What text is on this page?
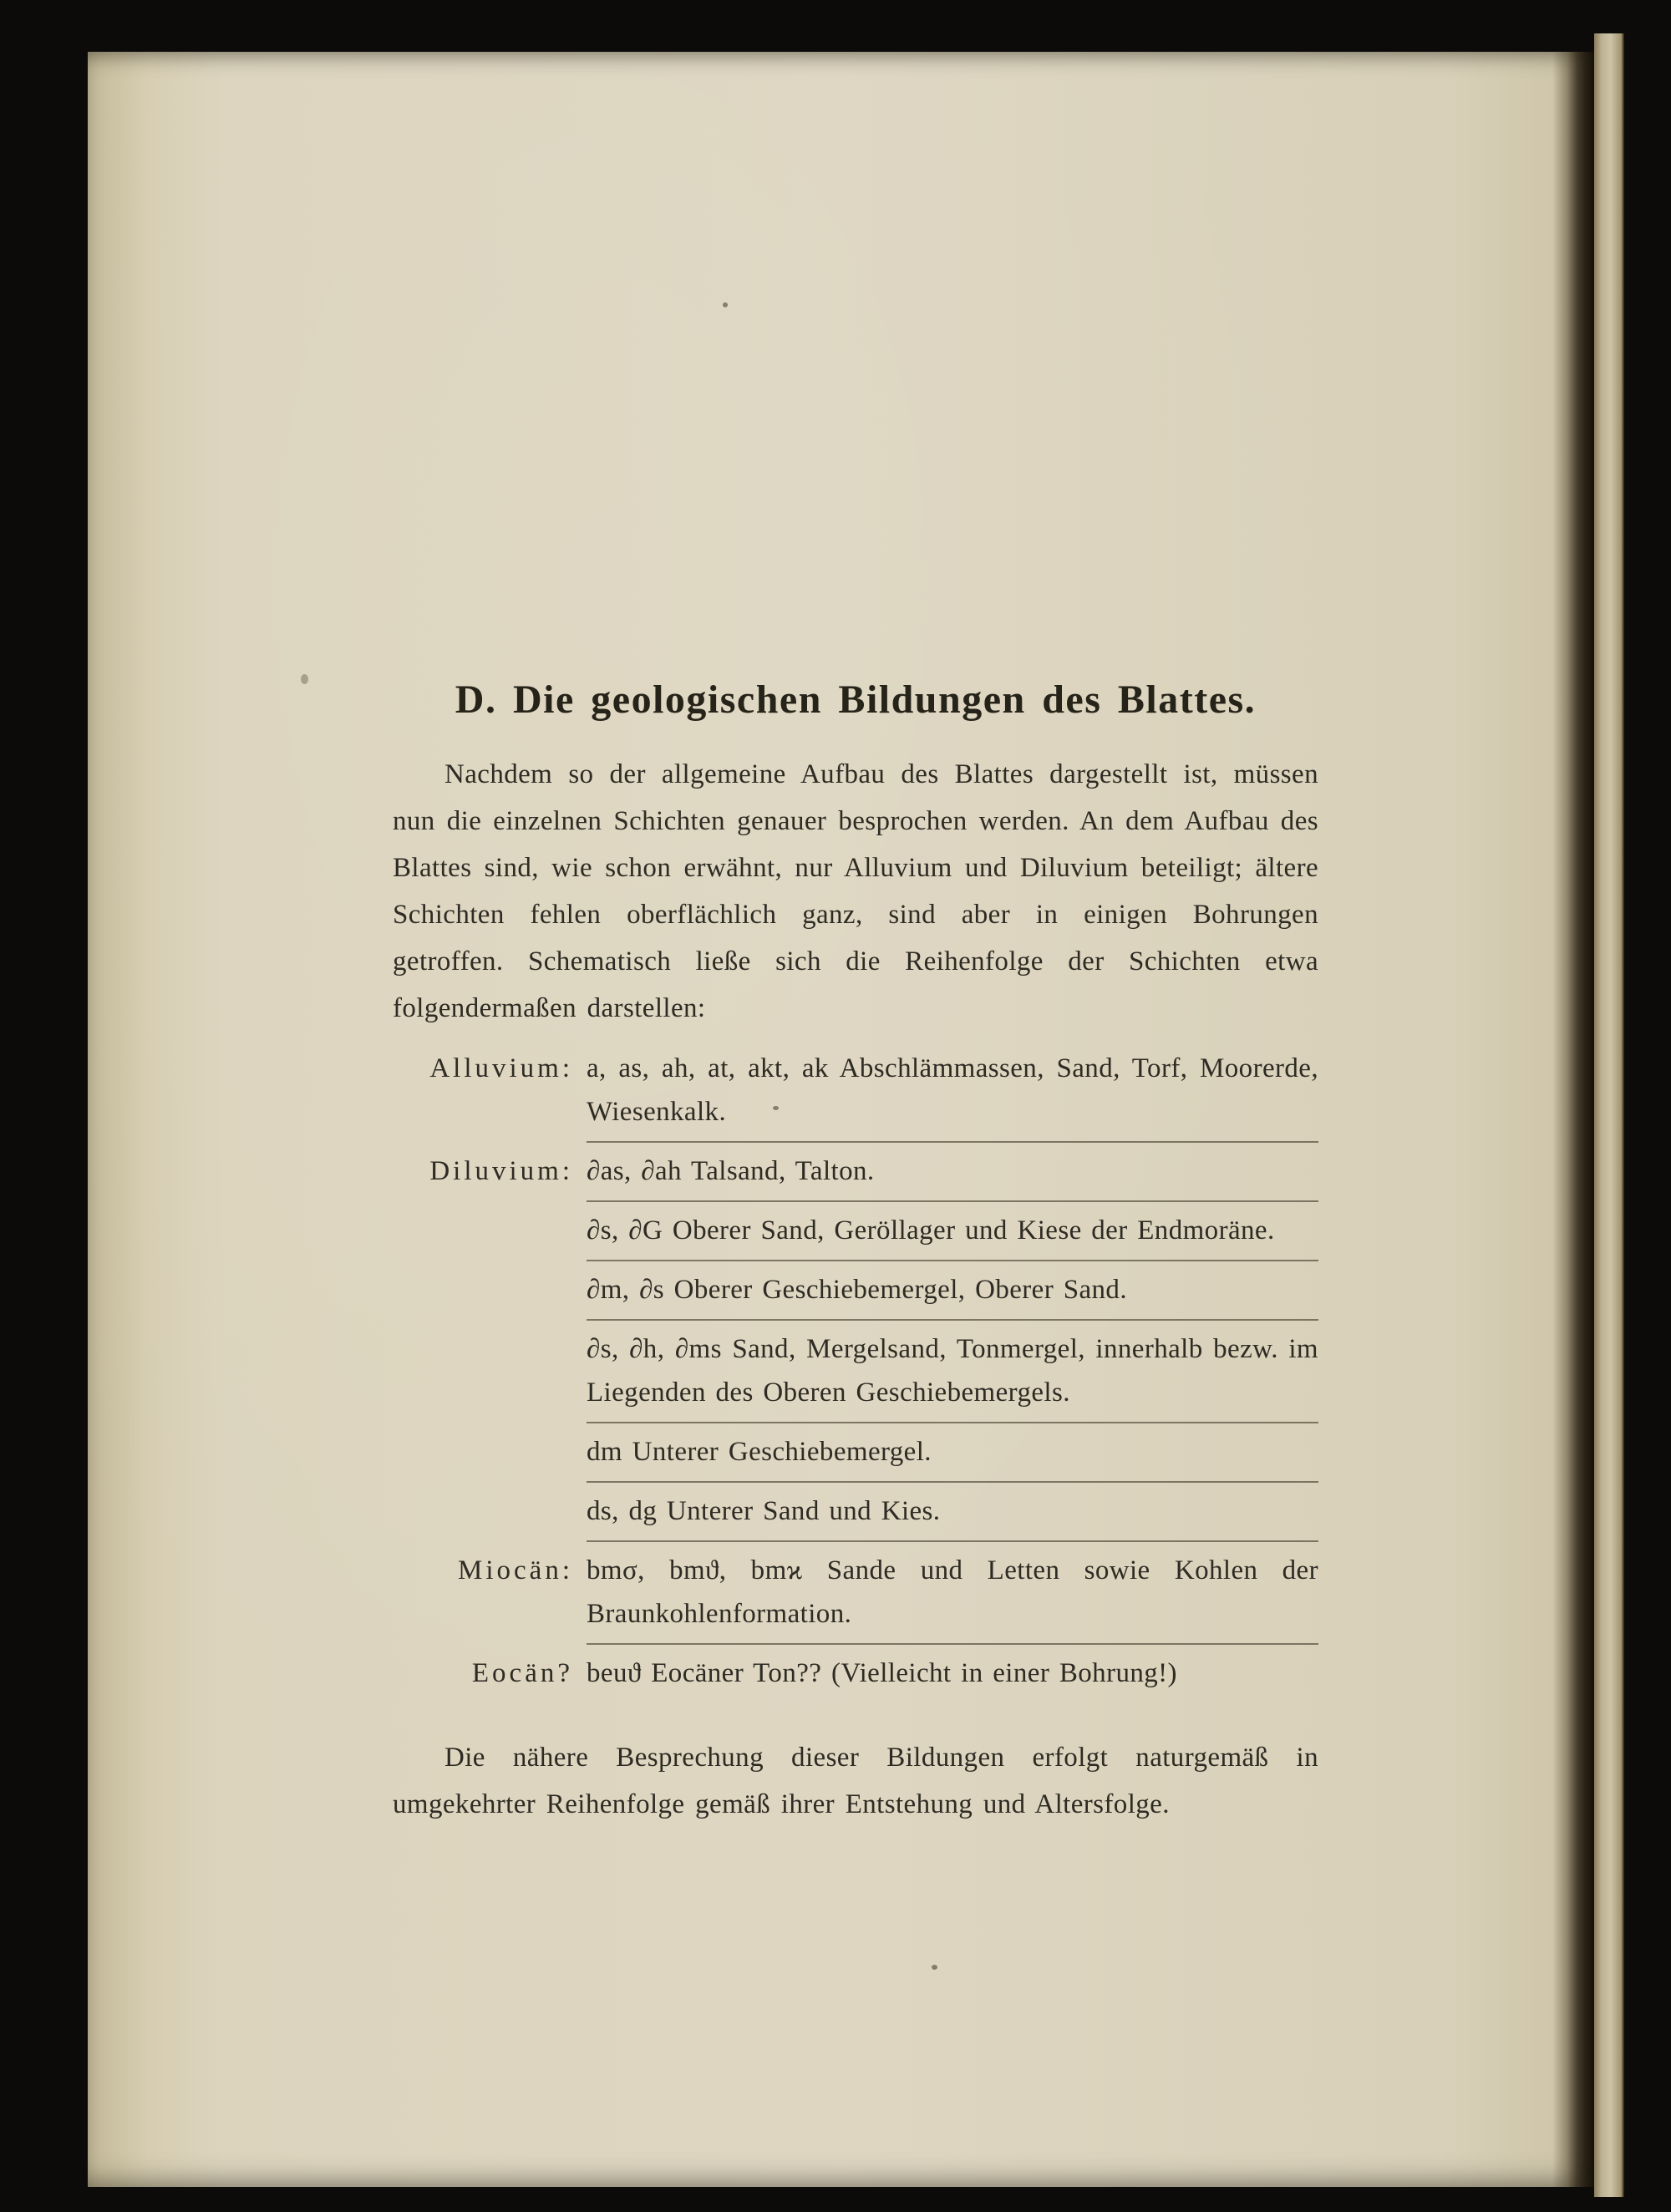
D. Die geologischen Bildungen des Blattes.

Nachdem so der allgemeine Aufbau des Blattes dargestellt ist, müssen nun die einzelnen Schichten genauer besprochen werden. An dem Aufbau des Blattes sind, wie schon erwähnt, nur Alluvium und Diluvium beteiligt; ältere Schichten fehlen oberflächlich ganz, sind aber in einigen Bohrungen getroffen. Schematisch ließe sich die Reihenfolge der Schichten etwa folgendermaßen darstellen:

Alluvium: a, as, ah, at, akt, ak Abschlämmassen, Sand, Torf, Moorerde, Wiesenkalk.
Diluvium: ∂as, ∂ah Talsand, Talton.
∂s, ∂G Oberer Sand, Geröllager und Kiese der Endmoräne.
∂m, ∂s Oberer Geschiebemergel, Oberer Sand.
∂s, ∂h, ∂ms Sand, Mergelsand, Tonmergel, innerhalb bezw. im Liegenden des Oberen Geschiebemergels.
dm Unterer Geschiebemergel.
ds, dg Unterer Sand und Kies.
Miocän: bmσ, bmϑ, bmϰ Sande und Letten sowie Kohlen der Braunkohlenformation.
Eocän? beuϑ Eocäner Ton?? (Vielleicht in einer Bohrung!)

Die nähere Besprechung dieser Bildungen erfolgt naturgemäß in umgekehrter Reihenfolge gemäß ihrer Entstehung und Altersfolge.
